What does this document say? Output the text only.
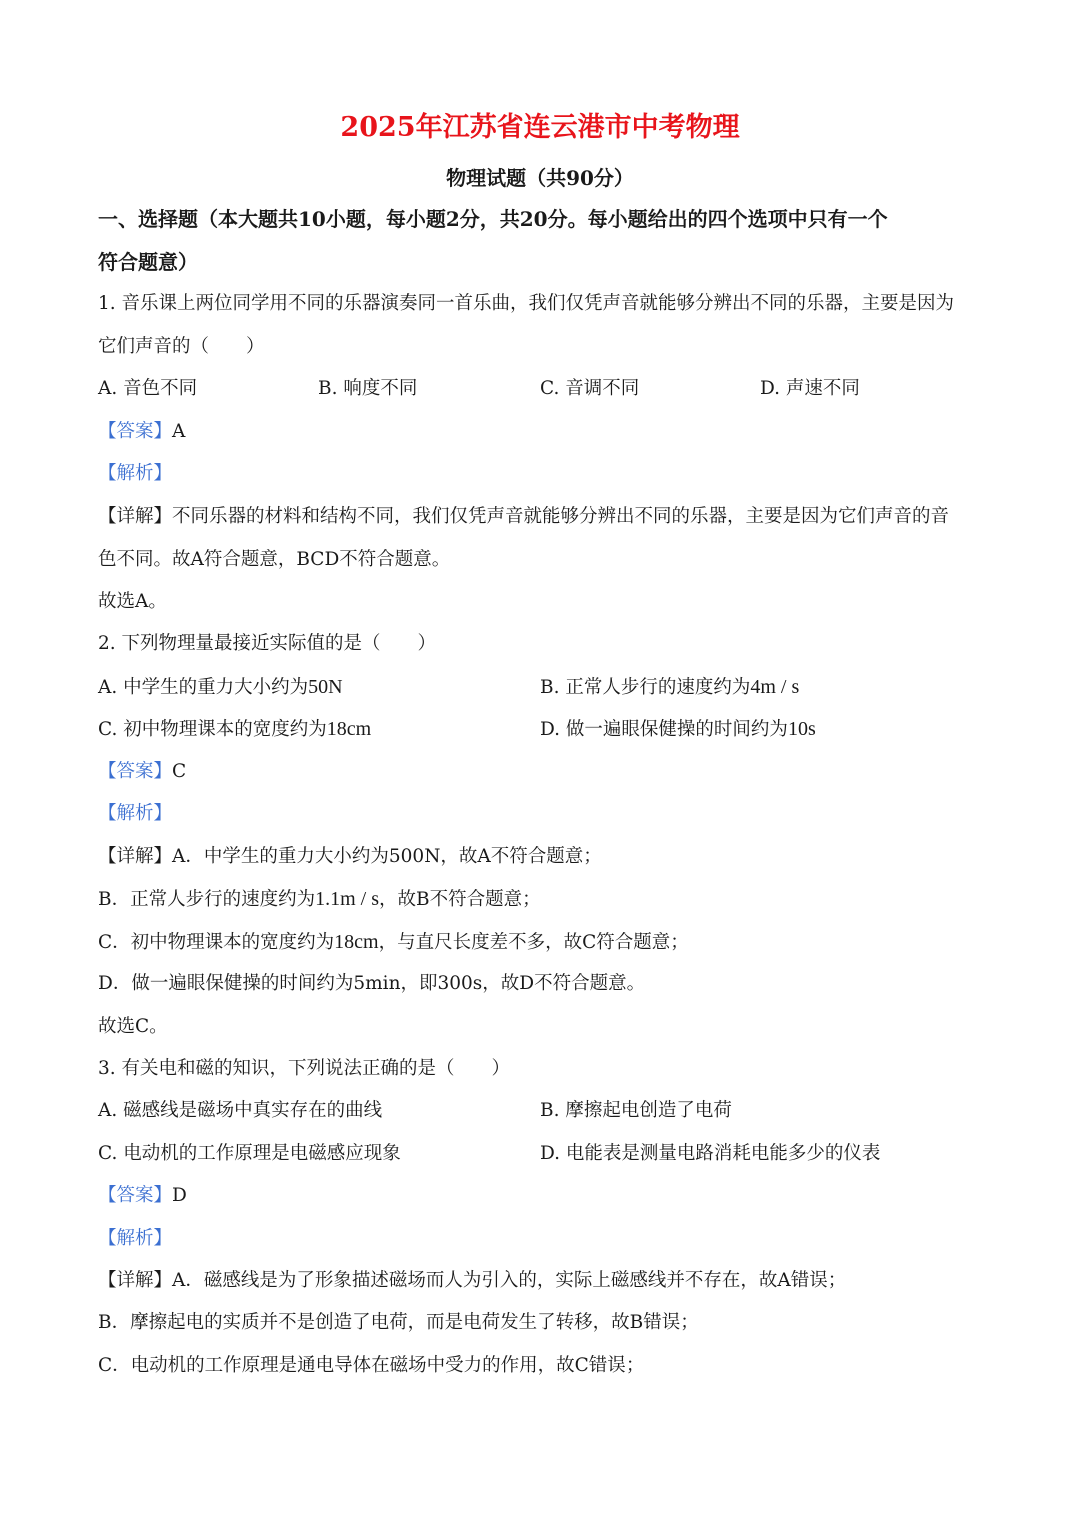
2025年江苏省连云港市中考物理
物理试题（共90分）
一、选择题（本大题共10小题，每小题2分，共20分。每小题给出的四个选项中只有一个
符合题意）
1. 音乐课上两位同学用不同的乐器演奏同一首乐曲，我们仅凭声音就能够分辨出不同的乐器，主要是因为
它们声音的（　　）
A. 音色不同	B. 响度不同	C. 音调不同	D. 声速不同
【答案】A
【解析】
【详解】不同乐器的材料和结构不同，我们仅凭声音就能够分辨出不同的乐器，主要是因为它们声音的音
色不同。故A符合题意，BCD不符合题意。
故选A。
2. 下列物理量最接近实际值的是（　　）
A. 中学生的重力大小约为50N	B. 正常人步行的速度约为4m / s
C. 初中物理课本的宽度约为18cm	D. 做一遍眼保健操的时间约为10s
【答案】C
【解析】
【详解】A．中学生的重力大小约为500N，故A不符合题意；
B．正常人步行的速度约为1.1m / s，故B不符合题意；
C．初中物理课本的宽度约为18cm，与直尺长度差不多，故C符合题意；
D．做一遍眼保健操的时间约为5min，即300s，故D不符合题意。
故选C。
3. 有关电和磁的知识，下列说法正确的是（　　）
A. 磁感线是磁场中真实存在的曲线	B. 摩擦起电创造了电荷
C. 电动机的工作原理是电磁感应现象	D. 电能表是测量电路消耗电能多少的仪表
【答案】D
【解析】
【详解】A．磁感线是为了形象描述磁场而人为引入的，实际上磁感线并不存在，故A错误；
B．摩擦起电的实质并不是创造了电荷，而是电荷发生了转移，故B错误；
C．电动机的工作原理是通电导体在磁场中受力的作用，故C错误；
